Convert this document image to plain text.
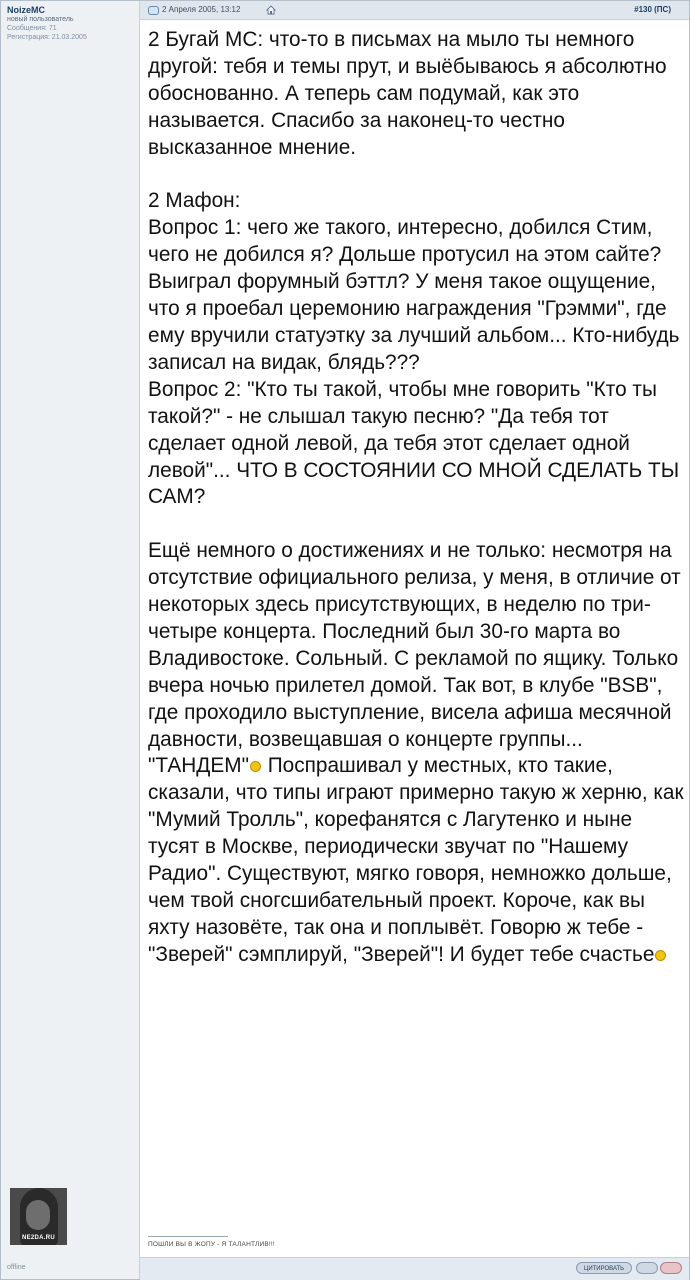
NoizeMC
новый пользователь
Сообщения: 71
Регистрация: 21.03.2005
NE2DA.RU
offline
2 Апреля 2005, 13:12	#130 (ПС)
2 Бугай МС: что-то в письмах на мыло ты немного другой: тебя и темы прут, и выёбываюсь я абсолютно обоснованно. А теперь сам подумай, как это называется. Спасибо за наконец-то честно высказанное мнение.

2 Мафон:
Вопрос 1: чего же такого, интересно, добился Стим, чего не добился я? Дольше протусил на этом сайте? Выиграл форумный бэттл? У меня такое ощущение, что я проебал церемонию награждения "Грэмми", где ему вручили статуэтку за лучший альбом... Кто-нибудь записал на видак, блядь???
Вопрос 2: "Кто ты такой, чтобы мне говорить "Кто ты такой?" - не слышал такую песню? "Да тебя тот сделает одной левой, да тебя этот сделает одной левой"... ЧТО В СОСТОЯНИИ СО МНОЙ СДЕЛАТЬ ТЫ САМ?

Ещё немного о достижениях и не только: несмотря на отсутствие официального релиза, у меня, в отличие от некоторых здесь присутствующих, в неделю по три-четыре концерта. Последний был 30-го марта во Владивостоке. Сольный. С рекламой по ящику. Только вчера ночью прилетел домой. Так вот, в клубе "BSB", где проходило выступление, висела афиша месячной давности, возвещавшая о концерте группы... "ТАНДЕМ" Поспрашивал у местных, кто такие, сказали, что типы играют примерно такую ж херню, как "Мумий Тролль", корефанятся с Лагутенко и ныне тусят в Москве, периодически звучат по "Нашему Радио". Существуют, мягко говоря, немножко дольше, чем твой сногсшибательный проект. Короче, как вы яхту назовёте, так она и поплывёт. Говорю ж тебе - "Зверей" сэмплируй, "Зверей"! И будет тебе счастье
ПОШЛИ ВЫ В ЖОПУ - Я ТАЛАНТЛИВ!!!
ЦИТИРОВАТЬ
